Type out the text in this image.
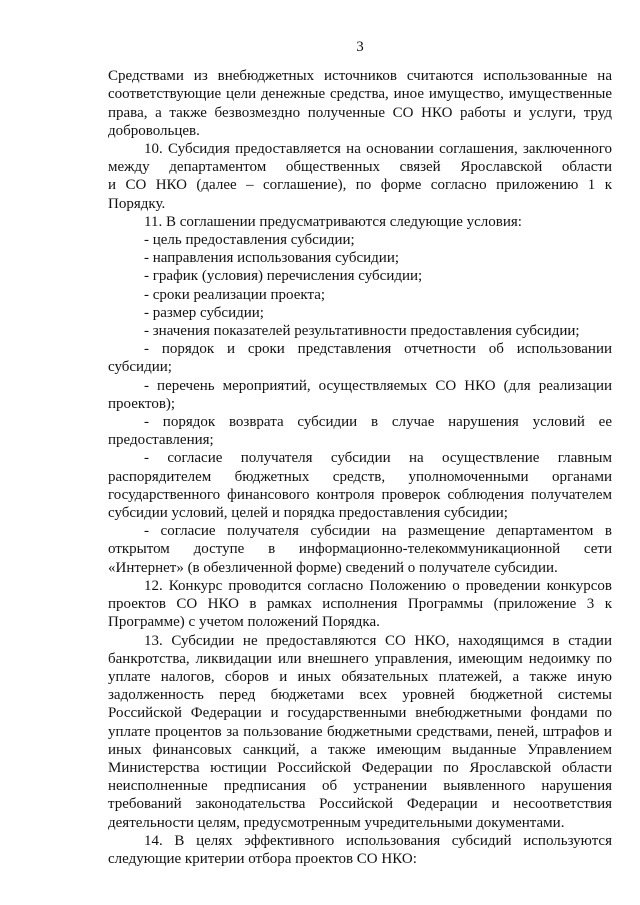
3

Средствами из внебюджетных источников считаются использованные на
соответствующие цели денежные средства, иное имущество, имущественные
права, а также безвозмездно полученные СО НКО работы и услуги, труд
добровольцев.

10. Субсидия предоставляется на основании соглашения, заключенного
между департаментом общественных связей Ярославской области
и СО НКО (далее – соглашение), по форме согласно приложению 1 к
Порядку.

11. В соглашении предусматриваются следующие условия:

- цель предоставления субсидии;

- направления использования субсидии;

- график (условия) перечисления субсидии;

- сроки реализации проекта;

- размер субсидии;

- значения показателей результативности предоставления субсидии;

- порядок и сроки представления отчетности об использовании
субсидии;

- перечень мероприятий, осуществляемых СО НКО (для реализации
проектов);

- порядок возврата субсидии в случае нарушения условий ее
предоставления;

- согласие получателя субсидии на осуществление главным
распорядителем бюджетных средств, уполномоченными органами
государственного финансового контроля проверок соблюдения получателем
субсидии условий, целей и порядка предоставления субсидии;

- согласие получателя субсидии на размещение департаментом в
открытом доступе в информационно-телекоммуникационной сети
«Интернет» (в обезличенной форме) сведений о получателе субсидии.

12. Конкурс проводится согласно Положению о проведении конкурсов
проектов СО НКО в рамках исполнения Программы (приложение 3 к
Программе) с учетом положений Порядка.

13. Субсидии не предоставляются СО НКО, находящимся в стадии
банкротства, ликвидации или внешнего управления, имеющим недоимку по
уплате налогов, сборов и иных обязательных платежей, а также иную
задолженность перед бюджетами всех уровней бюджетной системы
Российской Федерации и государственными внебюджетными фондами по
уплате процентов за пользование бюджетными средствами, пеней, штрафов и
иных финансовых санкций, а также имеющим выданные Управлением
Министерства юстиции Российской Федерации по Ярославской области
неисполненные предписания об устранении выявленного нарушения
требований законодательства Российской Федерации и несоответствия
деятельности целям, предусмотренным учредительными документами.

14. В целях эффективного использования субсидий используются
следующие критерии отбора проектов СО НКО:
